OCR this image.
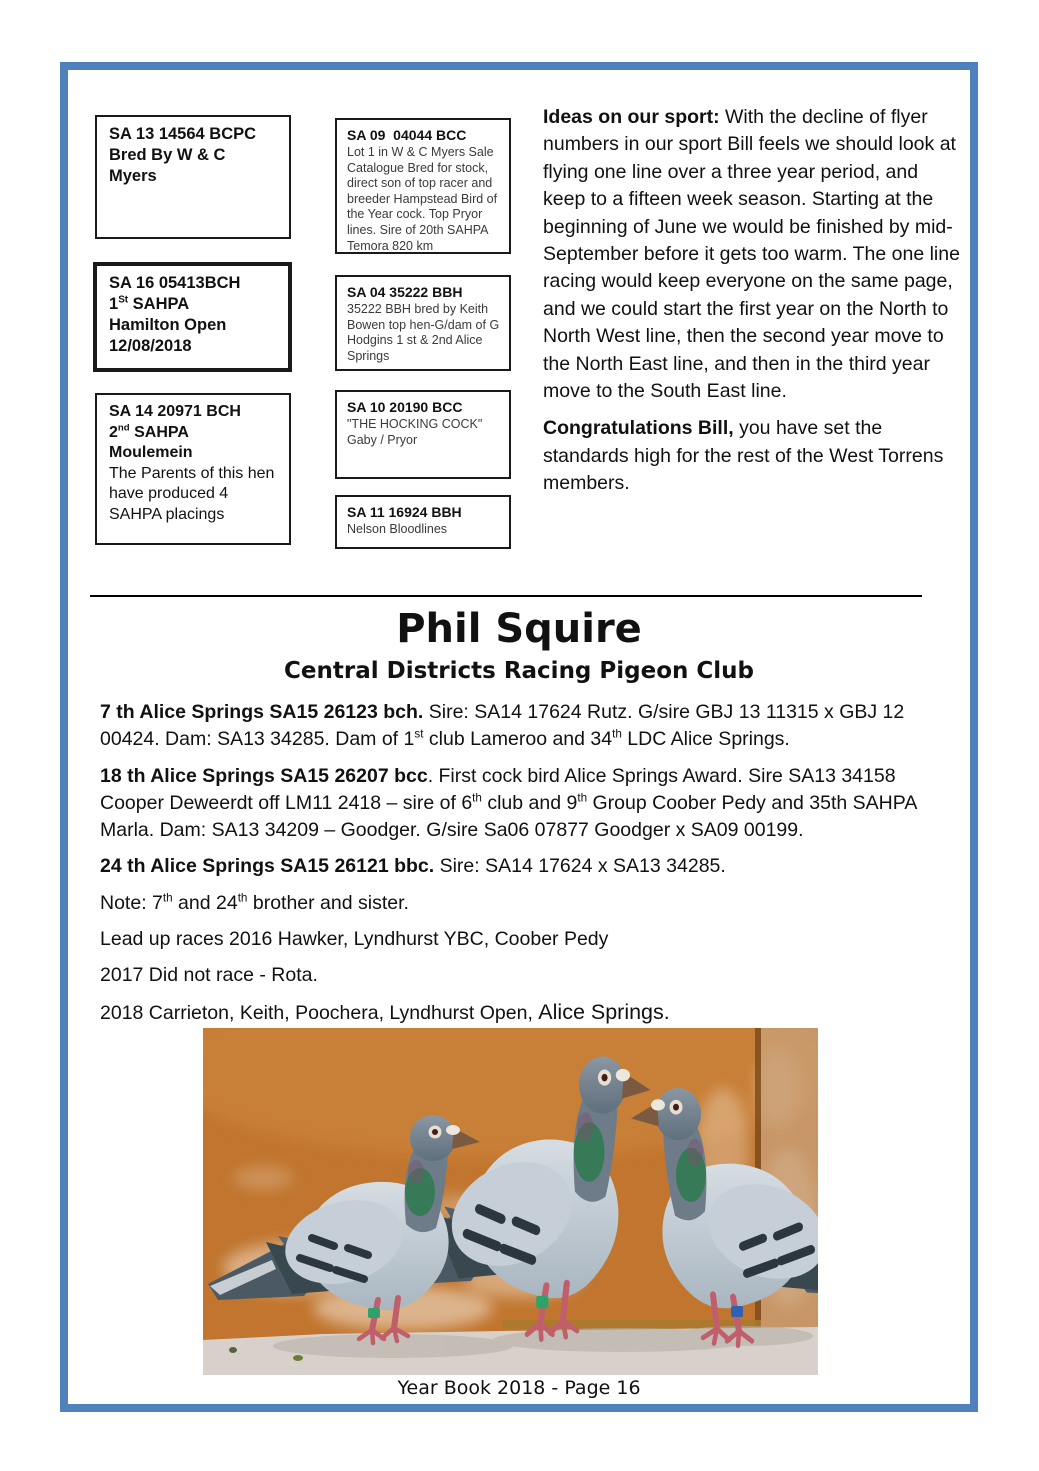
SA 13 14564 BCPC
Bred By W & C
Myers
SA 16 05413BCH
1St SAHPA
Hamilton Open
12/08/2018
SA 14 20971 BCH
2nd SAHPA
Moulemein
The Parents of this hen
have produced 4
SAHPA placings
SA 09  04044 BCC
Lot 1 in W & C Myers Sale Catalogue Bred for stock, direct son of top racer and breeder Hampstead Bird of the Year cock. Top Pryor lines. Sire of 20th SAHPA Temora 820 km
SA 04 35222 BBH
35222 BBH bred by Keith Bowen top hen-G/dam of G Hodgins 1 st & 2nd Alice Springs
SA 10 20190 BCC
"THE HOCKING COCK"
Gaby / Pryor
SA 11 16924 BBH
Nelson Bloodlines

Ideas on our sport: With the decline of flyer numbers in our sport Bill feels we should look at flying one line over a three year period, and keep to a fifteen week season. Starting at the beginning of June we would be finished by mid-September before it gets too warm. The one line racing would keep everyone on the same page, and we could start the first year on the North to North West line, then the second year move to the North East line, and then in the third year move to the South East line.

Congratulations Bill, you have set the standards high for the rest of the West Torrens members.

Phil Squire
Central Districts Racing Pigeon Club

7 th Alice Springs SA15 26123 bch. Sire: SA14 17624 Rutz. G/sire GBJ 13 11315 x GBJ 12 00424. Dam: SA13 34285. Dam of 1st club Lameroo and 34th LDC Alice Springs.

18 th Alice Springs SA15 26207 bcc. First cock bird Alice Springs Award. Sire SA13 34158 Cooper Deweerdt off LM11 2418 – sire of 6th club and 9th Group Coober Pedy and 35th SAHPA Marla. Dam: SA13 34209 – Goodger. G/sire Sa06 07877 Goodger x SA09 00199.

24 th Alice Springs SA15 26121 bbc. Sire: SA14 17624 x SA13 34285.

Note: 7th and 24th brother and sister.

Lead up races 2016 Hawker, Lyndhurst YBC, Coober Pedy

2017 Did not race - Rota.

2018 Carrieton, Keith, Poochera, Lyndhurst Open, Alice Springs.

Year Book 2018 - Page 16
